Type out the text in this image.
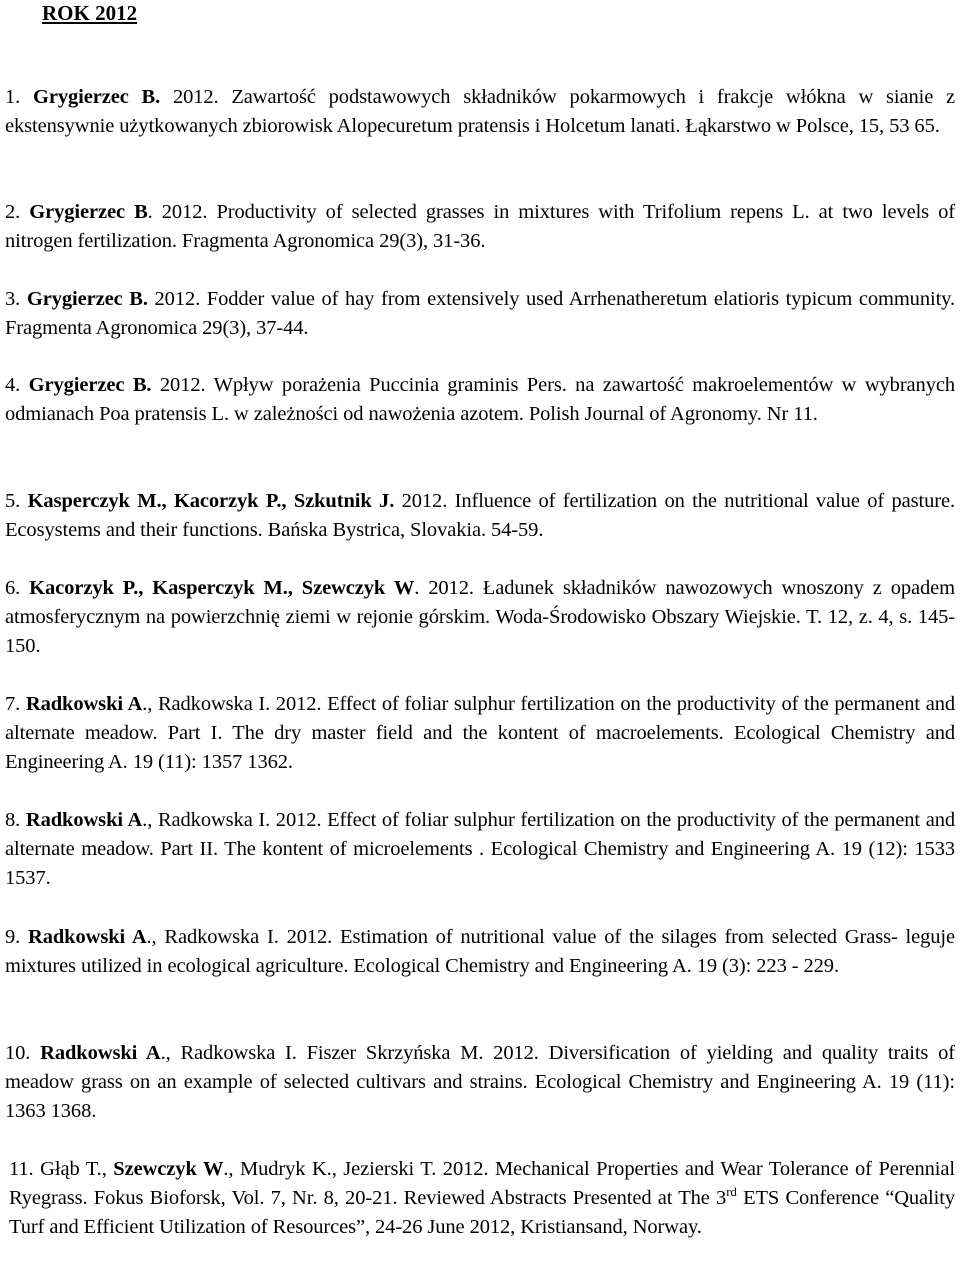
ROK 2012
1. Grygierzec B. 2012. Zawartość podstawowych składników pokarmowych i frakcje włókna w sianie z ekstensywnie użytkowanych zbiorowisk Alopecuretum pratensis i Holcetum lanati. Łąkarstwo w Polsce, 15, 53 65.
2. Grygierzec B. 2012. Productivity of selected grasses in mixtures with Trifolium repens L. at two levels of nitrogen fertilization. Fragmenta Agronomica 29(3), 31-36.
3. Grygierzec B. 2012. Fodder value of hay from extensively used Arrhenatheretum elatioris typicum community. Fragmenta Agronomica 29(3), 37-44.
4. Grygierzec B. 2012. Wpływ porażenia Puccinia graminis Pers. na zawartość makroelementów w wybranych odmianach Poa pratensis L. w zależności od nawożenia azotem. Polish Journal of Agronomy. Nr 11.
5. Kasperczyk M., Kacorzyk P., Szkutnik J. 2012. Influence of fertilization on the nutritional value of pasture. Ecosystems and their functions. Bańska Bystrica, Slovakia. 54-59.
6. Kacorzyk P., Kasperczyk M., Szewczyk W. 2012. Ładunek składników nawozowych wnoszony z opadem atmosferycznym na powierzchnię ziemi w rejonie górskim. Woda-Środowisko Obszary Wiejskie. T. 12, z. 4, s. 145-150.
7. Radkowski A., Radkowska I. 2012. Effect of foliar sulphur fertilization on the productivity of the permanent and alternate meadow. Part I. The dry master field and the kontent of macroelements. Ecological Chemistry and Engineering A. 19 (11): 1357 1362.
8. Radkowski A., Radkowska I. 2012. Effect of foliar sulphur fertilization on the productivity of the permanent and alternate meadow. Part II. The kontent of microelements . Ecological Chemistry and Engineering A. 19 (12): 1533 1537.
9. Radkowski A., Radkowska I. 2012. Estimation of nutritional value of the silages from selected Grass- leguje mixtures utilized in ecological agriculture. Ecological Chemistry and Engineering A. 19 (3): 223 - 229.
10. Radkowski A., Radkowska I. Fiszer Skrzyńska M. 2012. Diversification of yielding and quality traits of meadow grass on an example of selected cultivars and strains. Ecological Chemistry and Engineering A. 19 (11): 1363 1368.
11. Głąb T., Szewczyk W., Mudryk K., Jezierski T. 2012. Mechanical Properties and Wear Tolerance of Perennial Ryegrass. Fokus Bioforsk, Vol. 7, Nr. 8, 20-21. Reviewed Abstracts Presented at The 3rd ETS Conference “Quality Turf and Efficient Utilization of Resources”, 24-26 June 2012, Kristiansand, Norway.
